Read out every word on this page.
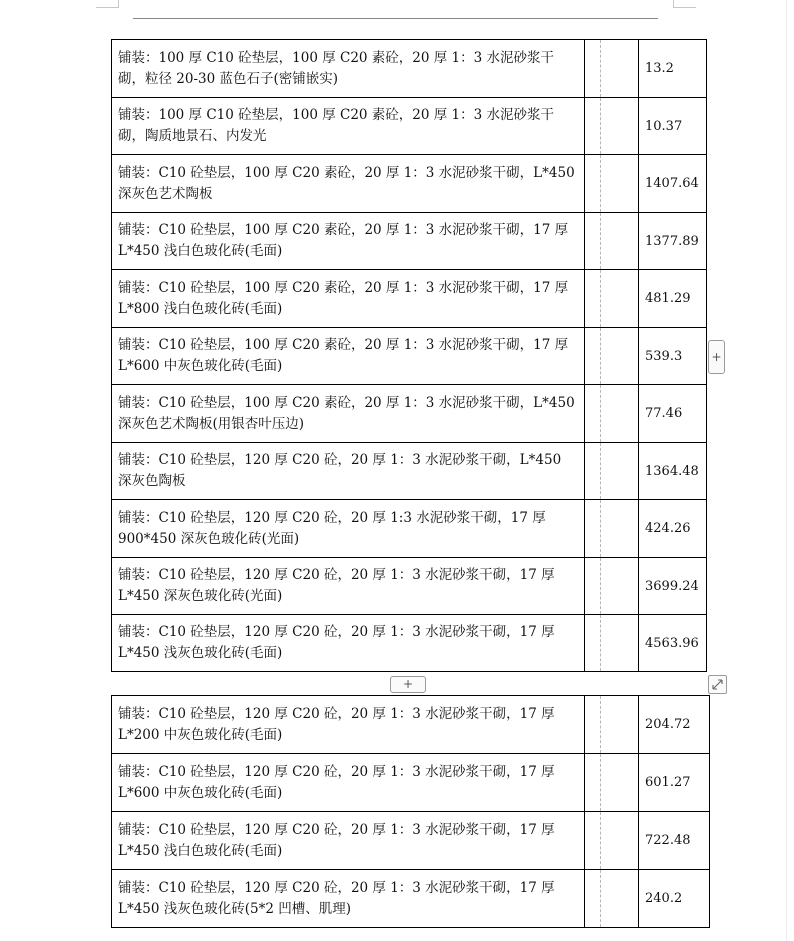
铺装：100 厚 C10 砼垫层，100 厚 C20 素砼，20 厚 1：3 水泥砂浆干砌，粒径 20-30 蓝色石子(密铺嵌实)			13.2
铺装：100 厚 C10 砼垫层，100 厚 C20 素砼，20 厚 1：3 水泥砂浆干砌，陶质地景石、内发光			10.37
铺装：C10 砼垫层，100 厚 C20 素砼，20 厚 1：3 水泥砂浆干砌，L*450 深灰色艺术陶板			1407.64
铺装：C10 砼垫层，100 厚 C20 素砼，20 厚 1：3 水泥砂浆干砌，17 厚 L*450 浅白色玻化砖(毛面)			1377.89
铺装：C10 砼垫层，100 厚 C20 素砼，20 厚 1：3 水泥砂浆干砌，17 厚 L*800 浅白色玻化砖(毛面)			481.29
铺装：C10 砼垫层，100 厚 C20 素砼，20 厚 1：3 水泥砂浆干砌，17 厚 L*600 中灰色玻化砖(毛面)			539.3
铺装：C10 砼垫层，100 厚 C20 素砼，20 厚 1：3 水泥砂浆干砌，L*450 深灰色艺术陶板(用银杏叶压边)			77.46
铺装：C10 砼垫层，120 厚 C20 砼，20 厚 1：3 水泥砂浆干砌，L*450 深灰色陶板			1364.48
铺装：C10 砼垫层，120 厚 C20 砼，20 厚 1:3 水泥砂浆干砌，17 厚 900*450 深灰色玻化砖(光面)			424.26
铺装：C10 砼垫层，120 厚 C20 砼，20 厚 1：3 水泥砂浆干砌，17 厚 L*450 深灰色玻化砖(光面)			3699.24
铺装：C10 砼垫层，120 厚 C20 砼，20 厚 1：3 水泥砂浆干砌，17 厚 L*450 浅灰色玻化砖(毛面)			4563.96
铺装：C10 砼垫层，120 厚 C20 砼，20 厚 1：3 水泥砂浆干砌，17 厚 L*200 中灰色玻化砖(毛面)			204.72
铺装：C10 砼垫层，120 厚 C20 砼，20 厚 1：3 水泥砂浆干砌，17 厚 L*600 中灰色玻化砖(毛面)			601.27
铺装：C10 砼垫层，120 厚 C20 砼，20 厚 1：3 水泥砂浆干砌，17 厚 L*450 浅白色玻化砖(毛面)			722.48
铺装：C10 砼垫层，120 厚 C20 砼，20 厚 1：3 水泥砂浆干砌，17 厚 L*450 浅灰色玻化砖(5*2 凹槽、肌理)			240.2
+
+
